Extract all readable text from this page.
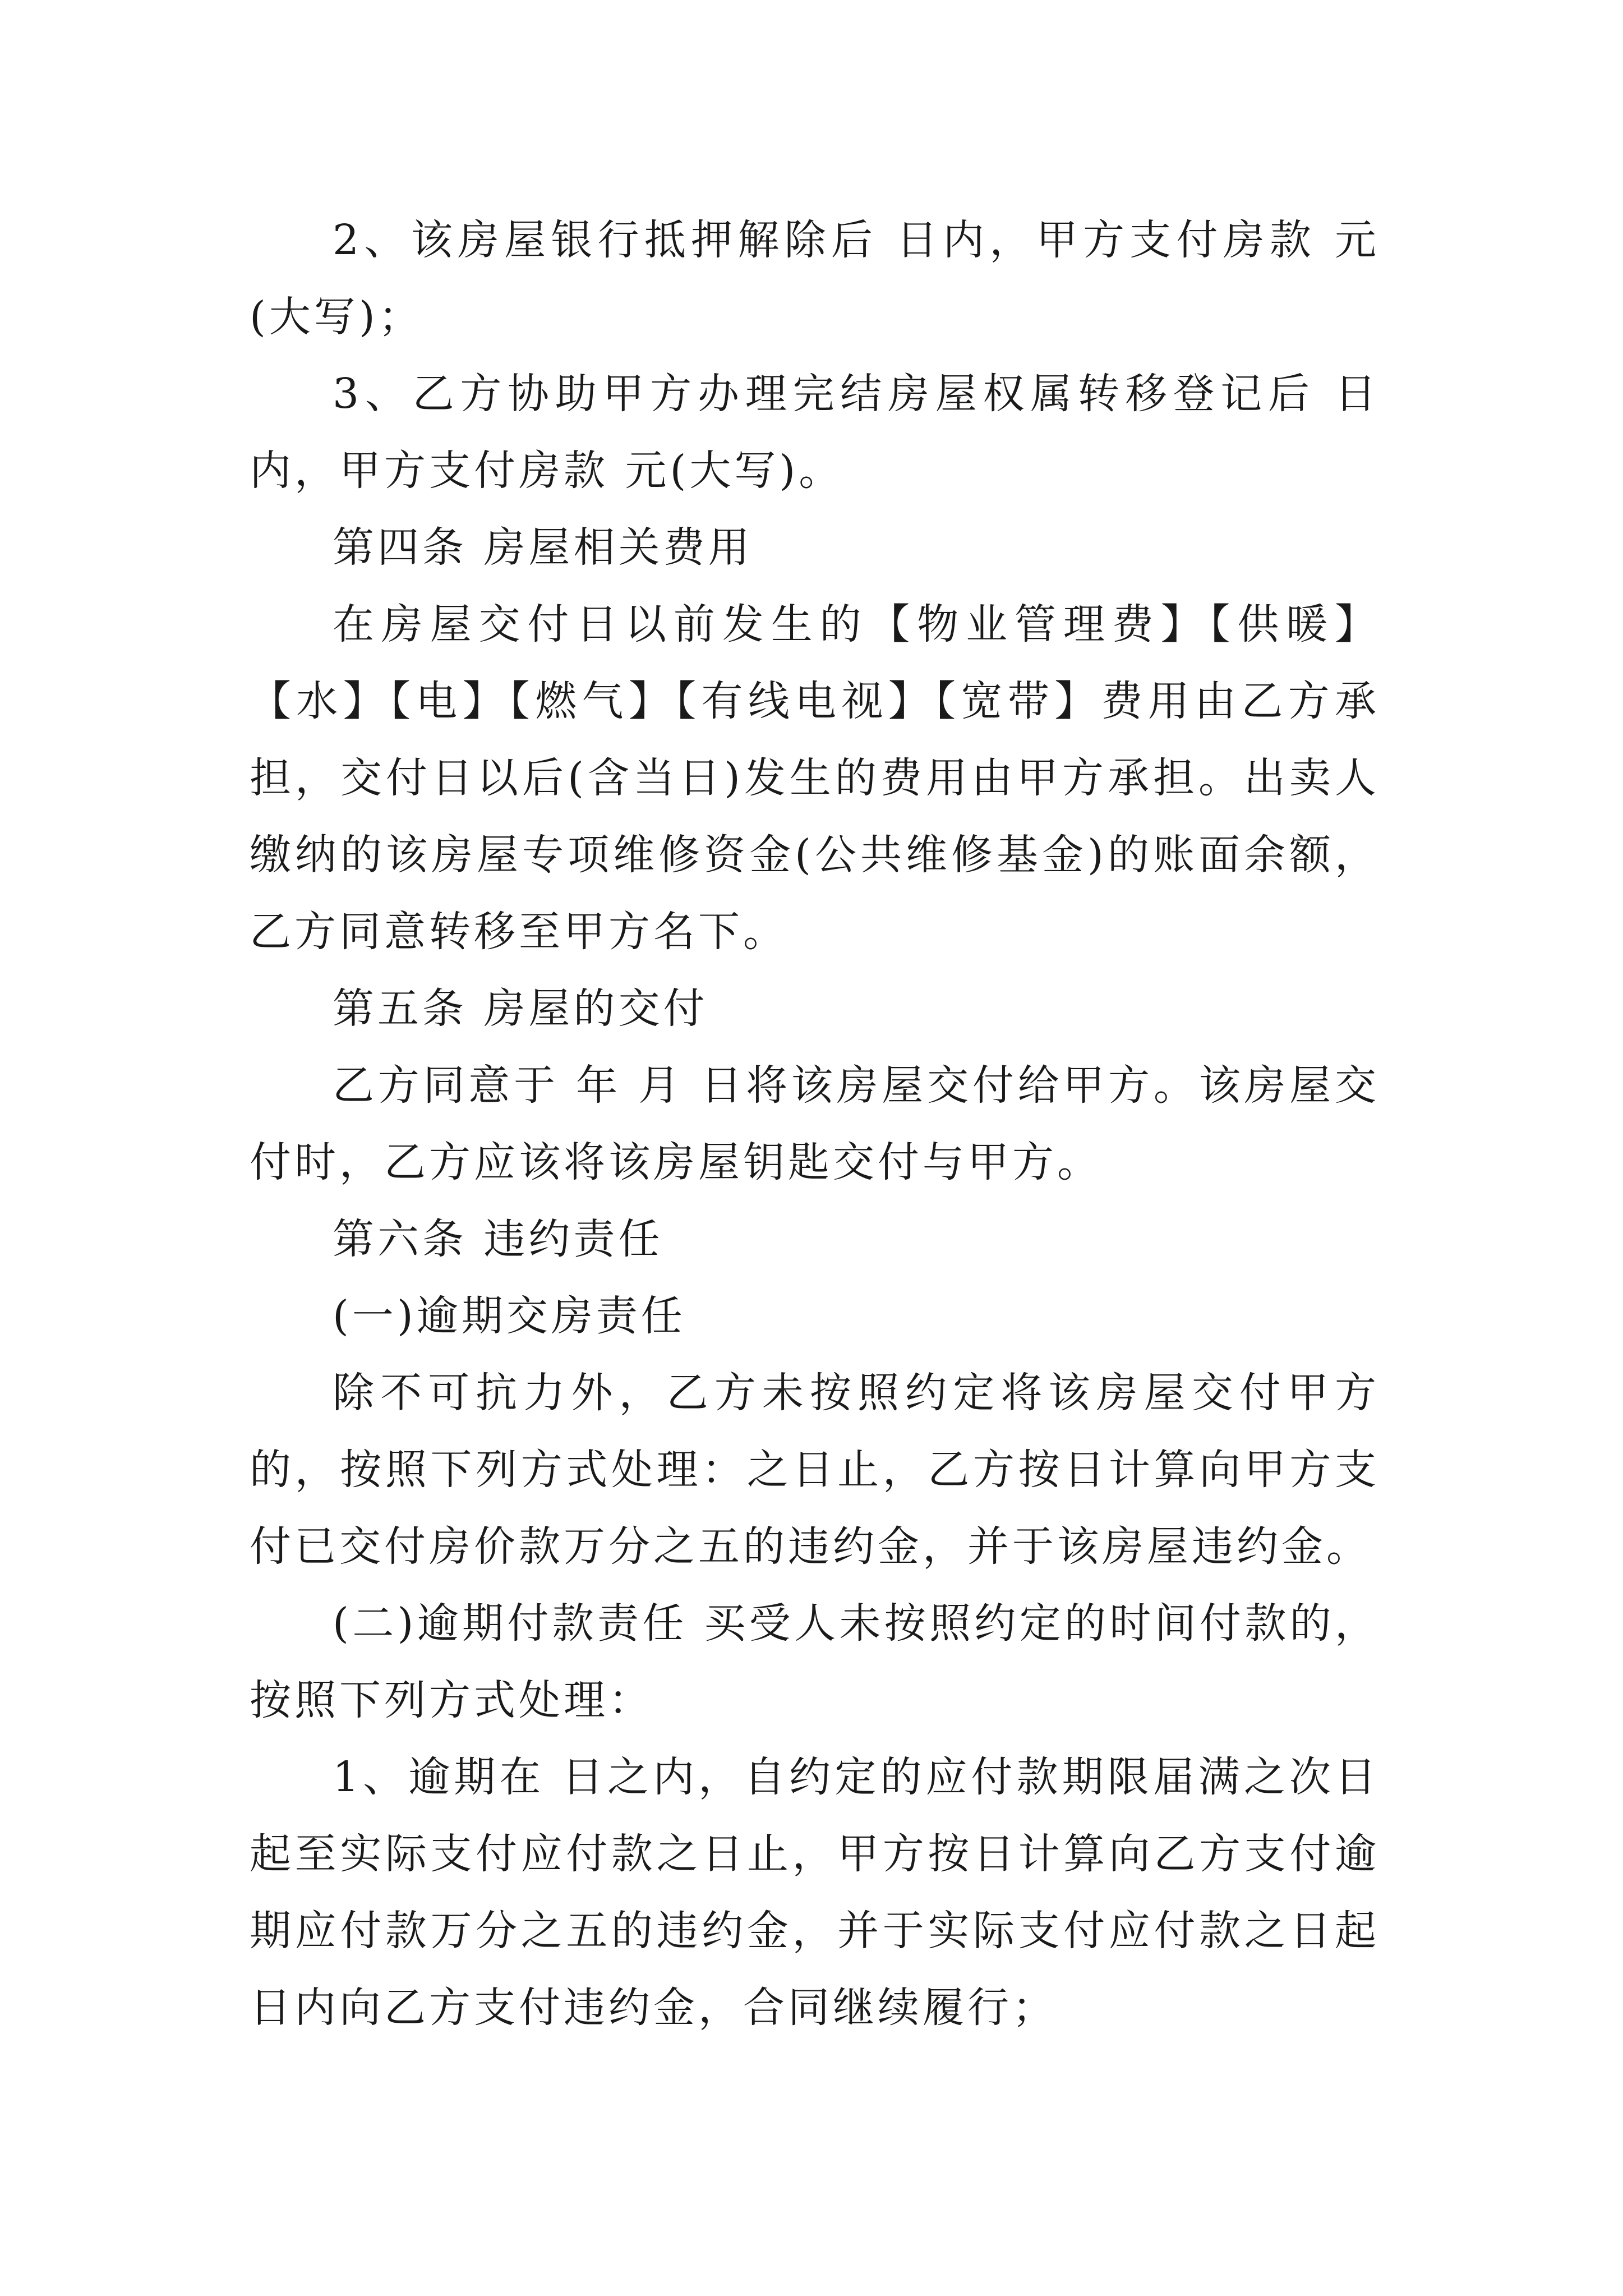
2、该房屋银行抵押解除后 日内，甲方支付房款 元(大写)；

3、乙方协助甲方办理完结房屋权属转移登记后 日内，甲方支付房款 元(大写)。

第四条 房屋相关费用

在房屋交付日以前发生的【物业管理费】【供暖】【水】【电】【燃气】【有线电视】【宽带】费用由乙方承担，交付日以后(含当日)发生的费用由甲方承担。出卖人缴纳的该房屋专项维修资金(公共维修基金)的账面余额，乙方同意转移至甲方名下。

第五条 房屋的交付

乙方同意于 年 月 日将该房屋交付给甲方。该房屋交付时，乙方应该将该房屋钥匙交付与甲方。

第六条 违约责任

(一)逾期交房责任

除不可抗力外，乙方未按照约定将该房屋交付甲方的，按照下列方式处理：之日止，乙方按日计算向甲方支付已交付房价款万分之五的违约金，并于该房屋违约金。

(二)逾期付款责任 买受人未按照约定的时间付款的，按照下列方式处理：

1、逾期在 日之内，自约定的应付款期限届满之次日起至实际支付应付款之日止，甲方按日计算向乙方支付逾期应付款万分之五的违约金，并于实际支付应付款之日起日内向乙方支付违约金，合同继续履行；
